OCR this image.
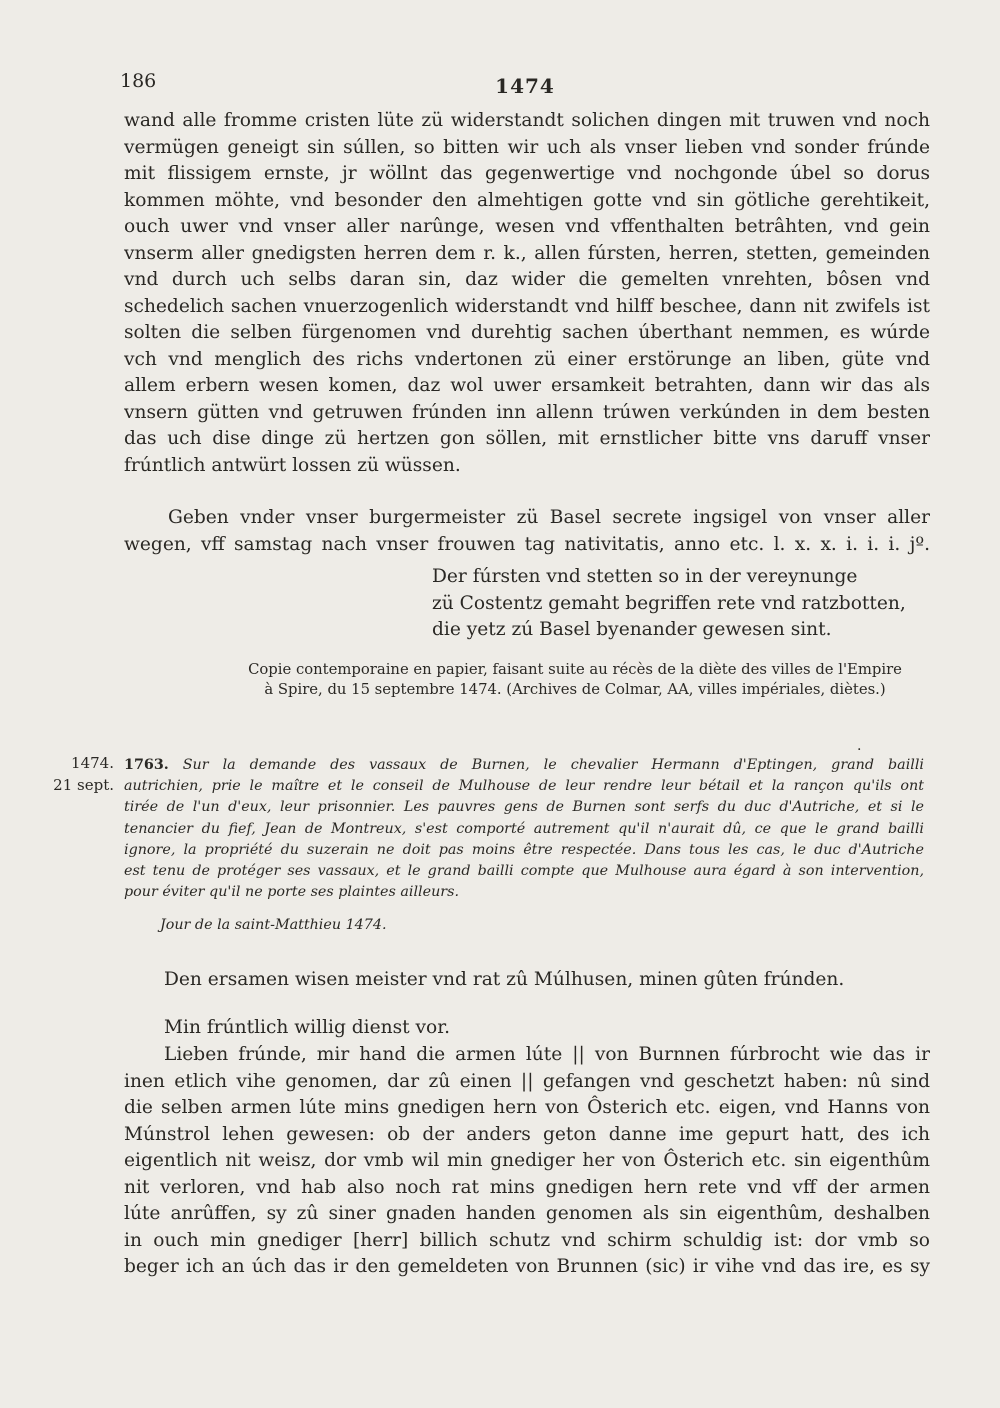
186	1474
wand alle fromme cristen lüte zü widerstandt solichen dingen mit truwen vnd noch
vermügen geneigt sin súllen, so bitten wir uch als vnser lieben vnd sonder frúnde
mit flissigem ernste, jr wöllnt das gegenwertige vnd nochgonde úbel so dorus
kommen möhte, vnd besonder den almehtigen gotte vnd sin götliche gerehtikeit,
ouch uwer vnd vnser aller narûnge, wesen vnd vffenthalten betrâhten, vnd gein
vnserm aller gnedigsten herren dem r. k., allen fúrsten, herren, stetten, gemeinden
vnd durch uch selbs daran sin, daz wider die gemelten vnrehten, bôsen vnd
schedelich sachen vnuerzogenlich widerstandt vnd hilff beschee, dann nit zwifels ist
solten die selben fürgenomen vnd durehtig sachen úberthant nemmen, es wúrde
vch vnd menglich des richs vndertonen zü einer erstörunge an liben, güte vnd
allem erbern wesen komen, daz wol uwer ersamkeit betrahten, dann wir das als
vnsern gütten vnd getruwen frúnden inn allenn trúwen verkúnden in dem besten
das uch dise dinge zü hertzen gon söllen, mit ernstlicher bitte vns daruff vnser
frúntlich antwürt lossen zü wüssen.
Geben vnder vnser burgermeister zü Basel secrete ingsigel von vnser aller
wegen, vff samstag nach vnser frouwen tag nativitatis, anno etc. l. x. x. i. i. i. jº.
Der fúrsten vnd stetten so in der vereynunge
zü Costentz gemaht begriffen rete vnd ratzbotten,
die yetz zú Basel byenander gewesen sint.
Copie contemporaine en papier, faisant suite au récès de la diète des villes de l'Empire
à Spire, du 15 septembre 1474. (Archives de Colmar, AA, villes impériales, diètes.)
.
1474.
21 sept.
1763. Sur la demande des vassaux de Burnen, le chevalier Hermann d'Eptingen, grand bailli
autrichien, prie le maître et le conseil de Mulhouse de leur rendre leur bétail et la rançon qu'ils ont
tirée de l'un d'eux, leur prisonnier. Les pauvres gens de Burnen sont serfs du duc d'Autriche, et si le
tenancier du fief, Jean de Montreux, s'est comporté autrement qu'il n'aurait dû, ce que le grand bailli
ignore, la propriété du suzerain ne doit pas moins être respectée. Dans tous les cas, le duc d'Autriche
est tenu de protéger ses vassaux, et le grand bailli compte que Mulhouse aura égard à son intervention,
pour éviter qu'il ne porte ses plaintes ailleurs.
Jour de la saint-Matthieu 1474.
Den ersamen wisen meister vnd rat zû Múlhusen, minen gûten frúnden.
Min frúntlich willig dienst vor.
Lieben frúnde, mir hand die armen lúte || von Burnnen fúrbrocht wie das ir
inen etlich vihe genomen, dar zû einen || gefangen vnd geschetzt haben: nû sind
die selben armen lúte mins gnedigen hern von Ôsterich etc. eigen, vnd Hanns von
Múnstrol lehen gewesen: ob der anders geton danne ime gepurt hatt, des ich
eigentlich nit weisz, dor vmb wil min gnediger her von Ôsterich etc. sin eigenthûm
nit verloren, vnd hab also noch rat mins gnedigen hern rete vnd vff der armen
lúte anrûffen, sy zû siner gnaden handen genomen als sin eigenthûm, deshalben
in ouch min gnediger [herr] billich schutz vnd schirm schuldig ist: dor vmb so
beger ich an úch das ir den gemeldeten von Brunnen (sic) ir vihe vnd das ire, es sy
